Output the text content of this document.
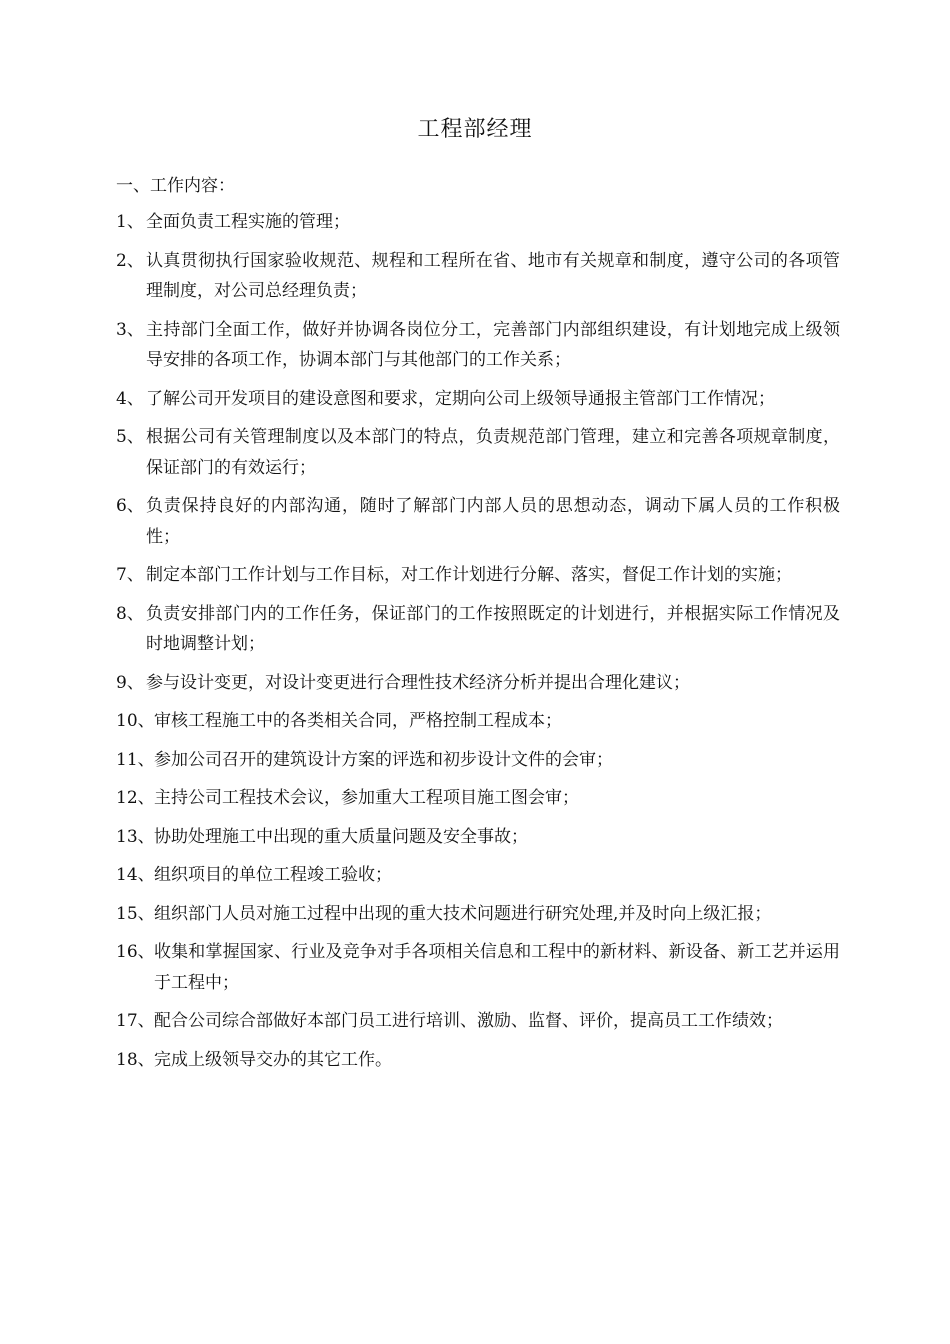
工程部经理
一、工作内容：
1、 全面负责工程实施的管理；
2、 认真贯彻执行国家验收规范、规程和工程所在省、地市有关规章和制度，遵守公司的各项管理制度，对公司总经理负责；
3、 主持部门全面工作，做好并协调各岗位分工，完善部门内部组织建设，有计划地完成上级领导安排的各项工作，协调本部门与其他部门的工作关系；
4、 了解公司开发项目的建设意图和要求，定期向公司上级领导通报主管部门工作情况；
5、 根据公司有关管理制度以及本部门的特点，负责规范部门管理，建立和完善各项规章制度，保证部门的有效运行；
6、 负责保持良好的内部沟通，随时了解部门内部人员的思想动态，调动下属人员的工作积极性；
7、 制定本部门工作计划与工作目标，对工作计划进行分解、落实，督促工作计划的实施；
8、 负责安排部门内的工作任务，保证部门的工作按照既定的计划进行，并根据实际工作情况及时地调整计划；
9、 参与设计变更，对设计变更进行合理性技术经济分析并提出合理化建议；
10、 审核工程施工中的各类相关合同，严格控制工程成本；
11、 参加公司召开的建筑设计方案的评选和初步设计文件的会审；
12、 主持公司工程技术会议，参加重大工程项目施工图会审；
13、 协助处理施工中出现的重大质量问题及安全事故；
14、 组织项目的单位工程竣工验收；
15、 组织部门人员对施工过程中出现的重大技术问题进行研究处理,并及时向上级汇报；
16、 收集和掌握国家、行业及竞争对手各项相关信息和工程中的新材料、新设备、新工艺并运用于工程中；
17、 配合公司综合部做好本部门员工进行培训、激励、监督、评价，提高员工工作绩效；
18、 完成上级领导交办的其它工作。
